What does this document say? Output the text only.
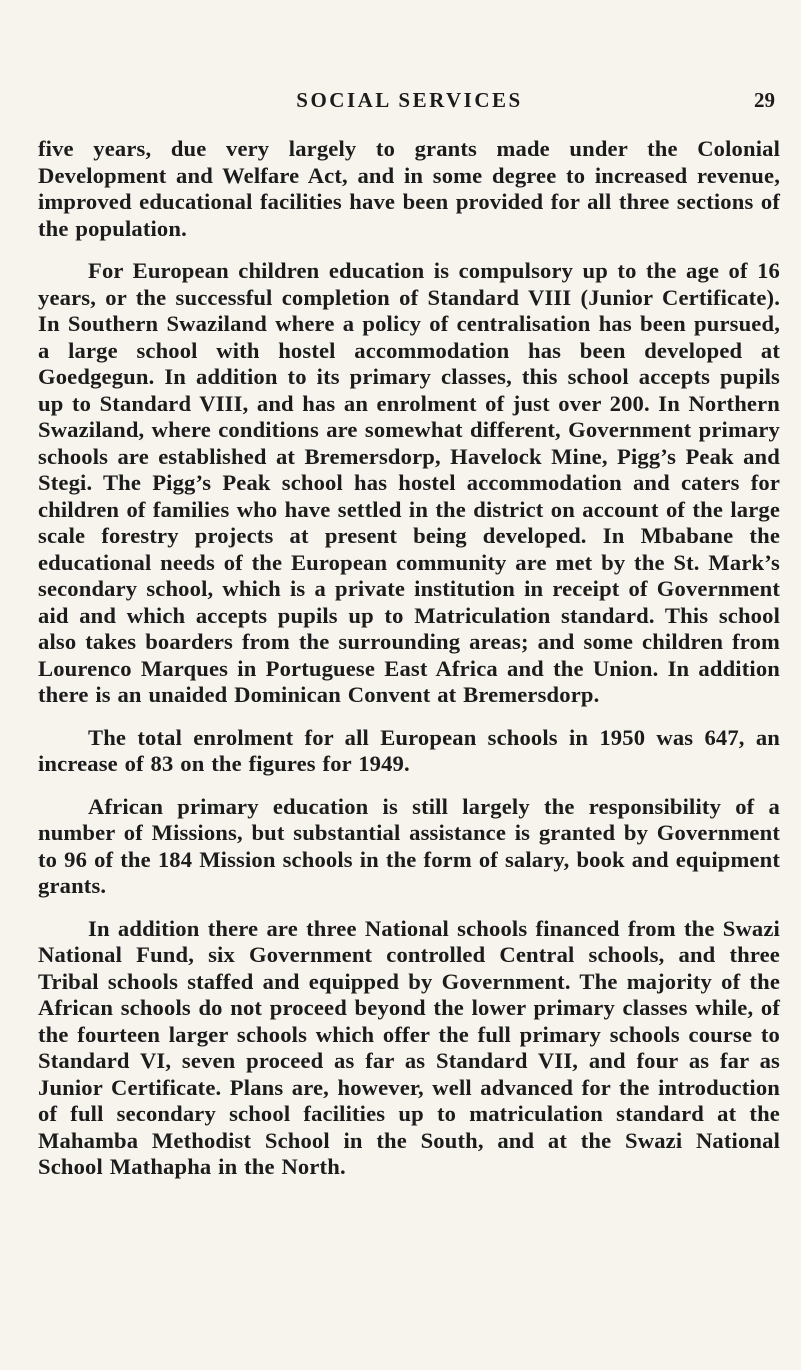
SOCIAL SERVICES	29

five years, due very largely to grants made under the Colonial Development and Welfare Act, and in some degree to increased revenue, improved educational facilities have been provided for all three sections of the population.

For European children education is compulsory up to the age of 16 years, or the successful completion of Standard VIII (Junior Certificate). In Southern Swaziland where a policy of centralisation has been pursued, a large school with hostel accommodation has been developed at Goedgegun. In addition to its primary classes, this school accepts pupils up to Standard VIII, and has an enrolment of just over 200. In Northern Swaziland, where conditions are somewhat different, Government primary schools are established at Bremersdorp, Havelock Mine, Pigg’s Peak and Stegi. The Pigg’s Peak school has hostel accommodation and caters for children of families who have settled in the district on account of the large scale forestry projects at present being developed. In Mbabane the educational needs of the European community are met by the St. Mark’s secondary school, which is a private institution in receipt of Government aid and which accepts pupils up to Matriculation standard. This school also takes boarders from the surrounding areas; and some children from Lourenco Marques in Portuguese East Africa and the Union. In addition there is an unaided Dominican Convent at Bremersdorp.

The total enrolment for all European schools in 1950 was 647, an increase of 83 on the figures for 1949.

African primary education is still largely the responsibility of a number of Missions, but substantial assistance is granted by Government to 96 of the 184 Mission schools in the form of salary, book and equipment grants.

In addition there are three National schools financed from the Swazi National Fund, six Government controlled Central schools, and three Tribal schools staffed and equipped by Government. The majority of the African schools do not proceed beyond the lower primary classes while, of the fourteen larger schools which offer the full primary schools course to Standard VI, seven proceed as far as Standard VII, and four as far as Junior Certificate. Plans are, however, well advanced for the introduction of full secondary school facilities up to matriculation standard at the Mahamba Methodist School in the South, and at the Swazi National School Mathapha in the North.
